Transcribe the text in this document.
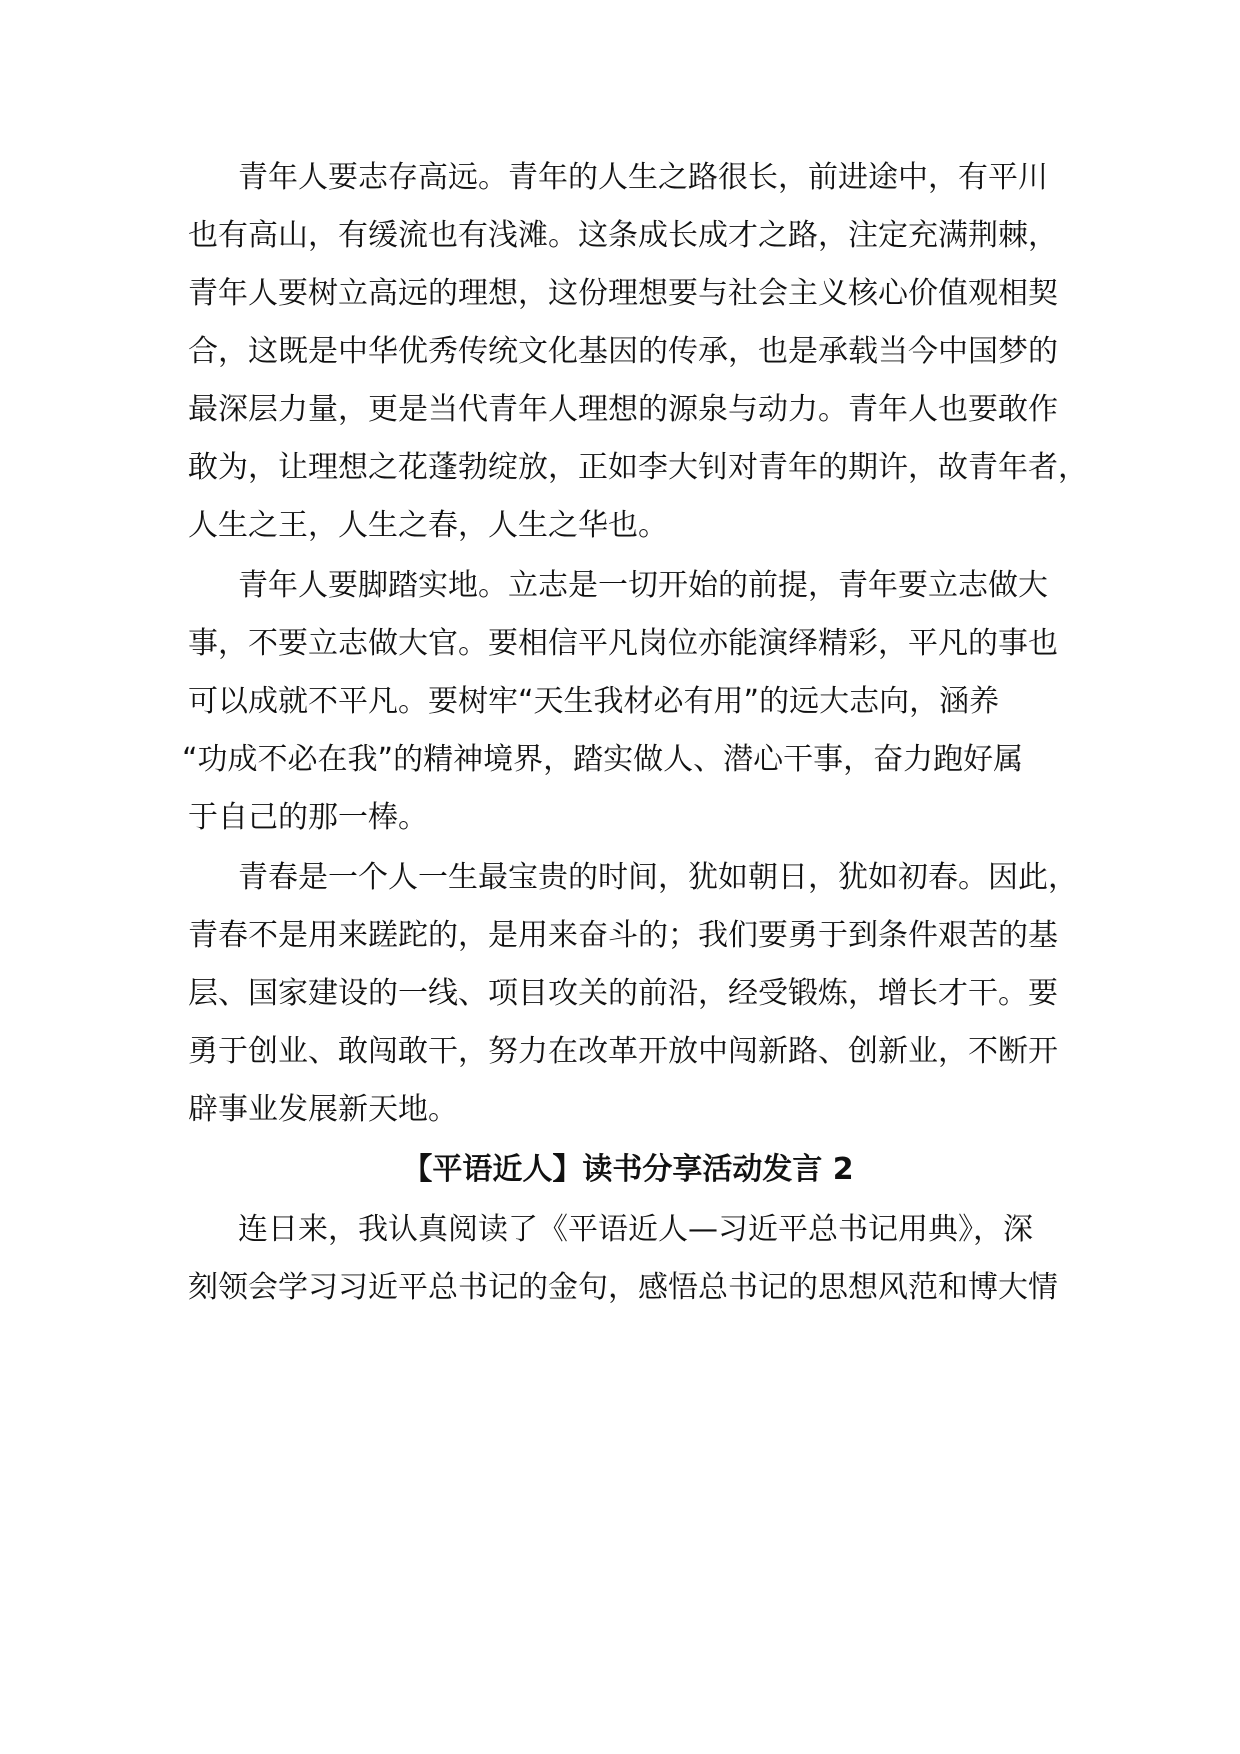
青年人要志存高远。青年的人生之路很长，前进途中，有平川
也有高山，有缓流也有浅滩。这条成长成才之路，注定充满荆棘，
青年人要树立高远的理想，这份理想要与社会主义核心价值观相契
合，这既是中华优秀传统文化基因的传承，也是承载当今中国梦的
最深层力量，更是当代青年人理想的源泉与动力。青年人也要敢作
敢为，让理想之花蓬勃绽放，正如李大钊对青年的期许，故青年者，
人生之王，人生之春，人生之华也。
青年人要脚踏实地。立志是一切开始的前提，青年要立志做大
事，不要立志做大官。要相信平凡岗位亦能演绎精彩，平凡的事也
可以成就不平凡。要树牢“天生我材必有用”的远大志向，涵养
“功成不必在我”的精神境界，踏实做人、潜心干事，奋力跑好属
于自己的那一棒。
青春是一个人一生最宝贵的时间，犹如朝日，犹如初春。因此，
青春不是用来蹉跎的，是用来奋斗的；我们要勇于到条件艰苦的基
层、国家建设的一线、项目攻关的前沿，经受锻炼，增长才干。要
勇于创业、敢闯敢干，努力在改革开放中闯新路、创新业，不断开
辟事业发展新天地。
【平语近人】读书分享活动发言 2
连日来，我认真阅读了《平语近人—习近平总书记用典》，深
刻领会学习习近平总书记的金句，感悟总书记的思想风范和博大情
